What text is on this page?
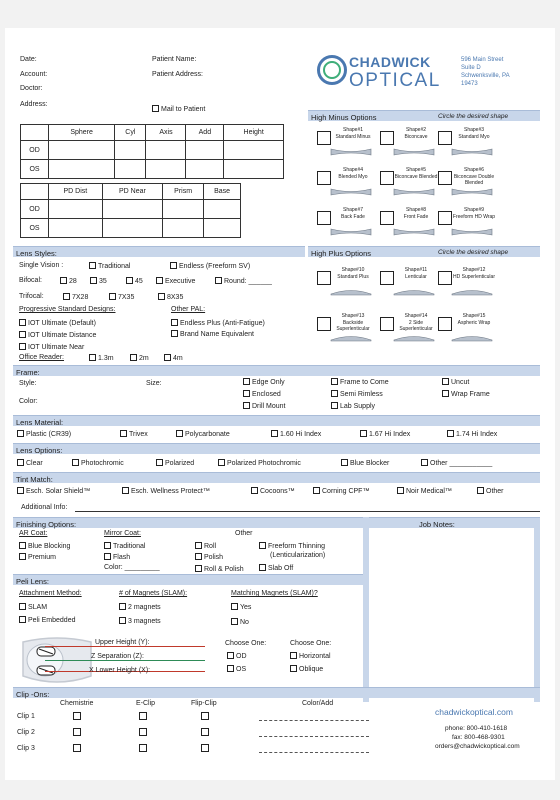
Date:
Account:
Doctor:
Address:
Patient Name:
Patient Address:
Mail to Patient
CHADWICK
OPTICAL
596 Main Street
Suite D
Schwenksville, PA
19473
	Sphere	Cyl	Axis	Add	Height
OD					
OS					
	PD Dist	PD Near	Prism	Base
OD				
OS				
High Minus Options	Circle the desired shape
Shape#1
Standard Minus
Shape#2
Biconcave
Shape#3
Standard Myo
Shape#4
Blended Myo
Shape#5
Biconcave Blended
Shape#6
Biconcave Double Blended
Shape#7
Back Fade
Shape#8
Front Fade
Shape#9
Freeform HD Wrap
High Plus Options	Circle the desired shape
Shape#10
Standard Plus
Shape#11
Lenticular
Shape#12
HD Superlenticular
Shape#13
Backside Superlenticular
Shape#14
2 Side Superlenticular
Shape#15
Aspheric Wrap
Lens Styles:
Single Vision :	Traditional	Endless (Freeform SV)
Bifocal:	28	35	45	Executive	Round: ______
Trifocal:	7X28	7X35	8X35
Progressive Standard Designs:
IOT Ultimate (Default)
IOT Ultimate Distance
IOT Ultimate Near
Office Reader:	1.3m	2m	4m
Other PAL:
Endless Plus (Anti-Fatigue)
Brand Name Equivalent
Frame:
Style:	Size:
Color:
Edge Only
Enclosed
Drill Mount
Frame to Come
Semi Rimless
Lab Supply
Uncut
Wrap Frame
Lens Material:
Plastic (CR39)	Trivex	Polycarbonate	1.60 Hi Index	1.67 Hi Index	1.74 Hi Index
Lens Options:
Clear	Photochromic	Polarized	Polarized Photochromic	Blue Blocker	Other ___________
Tint Match:
Esch. Solar Shield™	Esch. Wellness Protect™	Cocoons™	Corning CPF™	Noir Medical™	Other
Additional Info:
Finishing Options:	Job Notes:
AR Coat:
Blue Blocking
Premium
Mirror Coat:
Traditional
Flash
Color: _________
Other
Roll
Polish
Roll & Polish
Freeform Thinning
(Lenticularization)
Slab Off
Peli Lens:
Attachment Method:
SLAM
Peli Embedded
# of Magnets (SLAM):
2 magnets
3 magnets
Matching Magnets (SLAM)?
Yes
No
Upper Height (Y):
Z Separation (Z):
X Lower Height (X):
Choose One:
OD
OS
Choose One:
Horizontal
Oblique
Clip -Ons:
Chemistrie	E-Clip	Flip-Clip	Color/Add
Clip 1
Clip 2
Clip 3
chadwickoptical.com
phone: 800-410-1618
fax: 800-468-9301
orders@chadwickoptical.com
